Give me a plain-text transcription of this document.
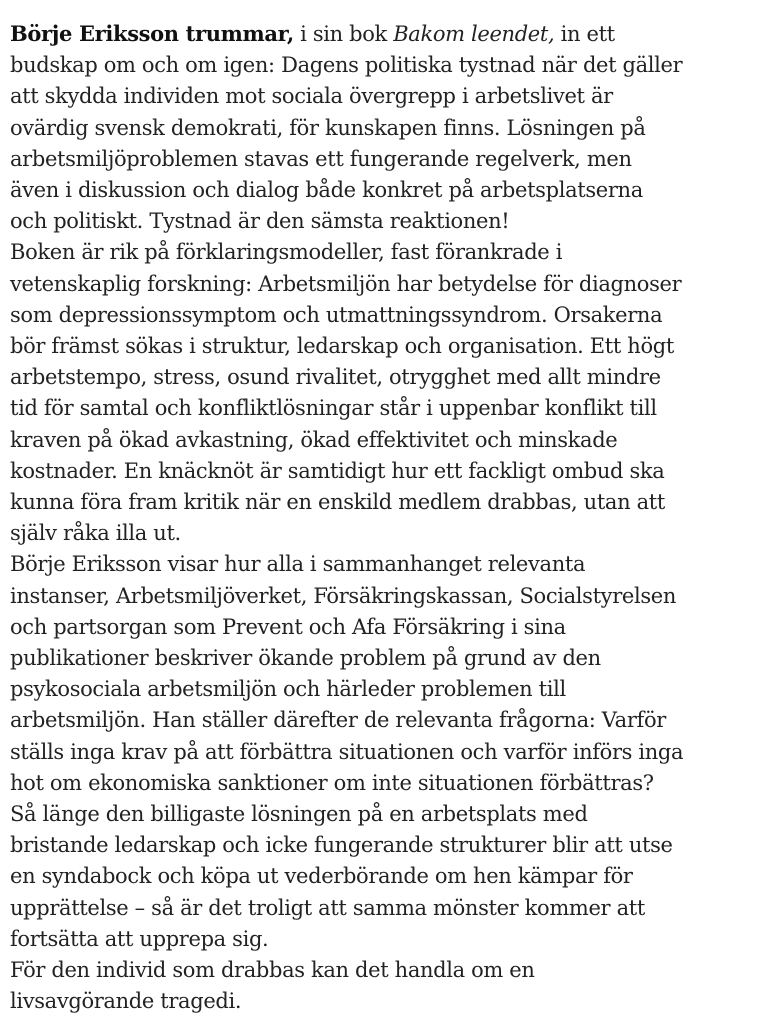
Börje Eriksson trummar, i sin bok Bakom leendet, in ett
budskap om och om igen: Dagens politiska tystnad när det gäller
att skydda individen mot sociala övergrepp i arbetslivet är
ovärdig svensk demokrati, för kunskapen finns. Lösningen på
arbetsmiljöproblemen stavas ett fungerande regelverk, men
även i diskussion och dialog både konkret på arbetsplatserna
och politiskt. Tystnad är den sämsta reaktionen!
Boken är rik på förklaringsmodeller, fast förankrade i
vetenskaplig forskning: Arbetsmiljön har betydelse för diagnoser
som depressionssymptom och utmattningssyndrom. Orsakerna
bör främst sökas i struktur, ledarskap och organisation. Ett högt
arbetstempo, stress, osund rivalitet, otrygghet med allt mindre
tid för samtal och konfliktlösningar står i uppenbar konflikt till
kraven på ökad avkastning, ökad effektivitet och minskade
kostnader. En knäcknöt är samtidigt hur ett fackligt ombud ska
kunna föra fram kritik när en enskild medlem drabbas, utan att
själv råka illa ut.
Börje Eriksson visar hur alla i sammanhanget relevanta
instanser, Arbetsmiljöverket, Försäkringskassan, Socialstyrelsen
och partsorgan som Prevent och Afa Försäkring i sina
publikationer beskriver ökande problem på grund av den
psykosociala arbetsmiljön och härleder problemen till
arbetsmiljön. Han ställer därefter de relevanta frågorna: Varför
ställs inga krav på att förbättra situationen och varför införs inga
hot om ekonomiska sanktioner om inte situationen förbättras?
Så länge den billigaste lösningen på en arbetsplats med
bristande ledarskap och icke fungerande strukturer blir att utse
en syndabock och köpa ut vederbörande om hen kämpar för
upprättelse – så är det troligt att samma mönster kommer att
fortsätta att upprepa sig.
För den individ som drabbas kan det handla om en
livsavgörande tragedi.
